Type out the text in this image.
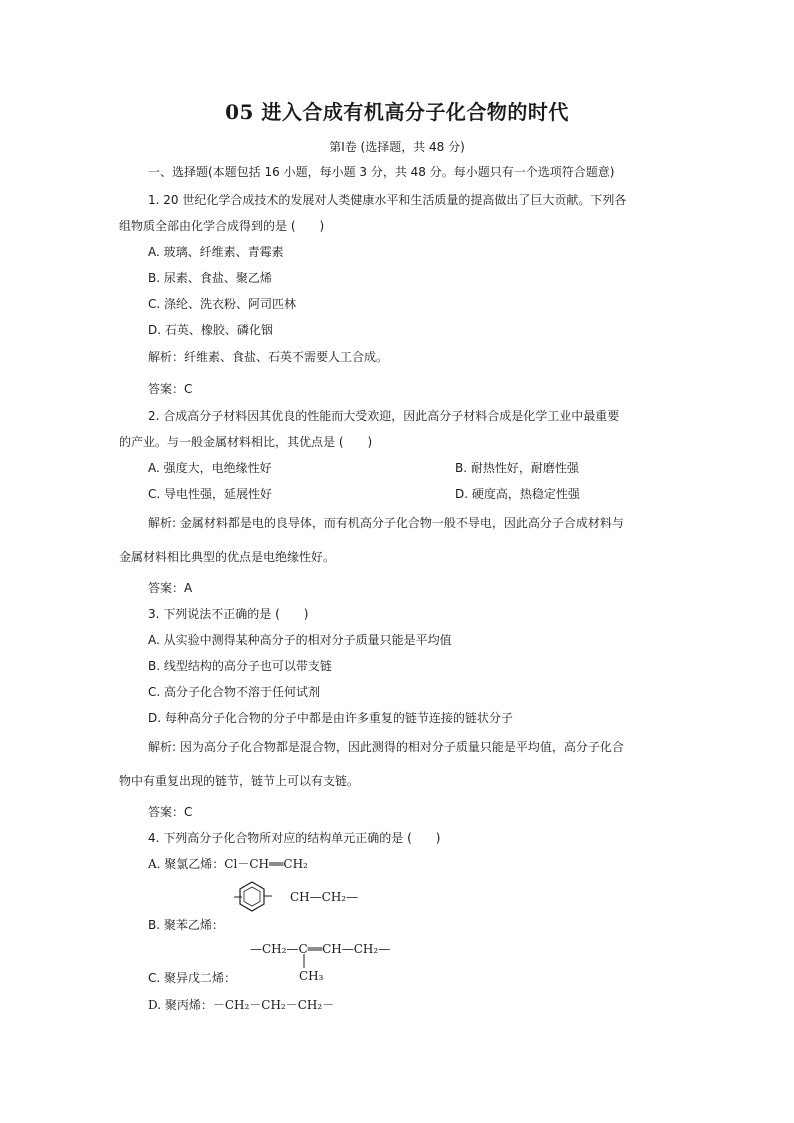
05 进入合成有机高分子化合物的时代
第Ⅰ卷 (选择题，共 48 分)
一、选择题(本题包括 16 小题，每小题 3 分，共 48 分。每小题只有一个选项符合题意)
1. 20 世纪化学合成技术的发展对人类健康水平和生活质量的提高做出了巨大贡献。下列各
组物质全部由化学合成得到的是 (　　)
A. 玻璃、纤维素、青霉素
B. 尿素、食盐、聚乙烯
C. 涤纶、洗衣粉、阿司匹林
D. 石英、橡胶、磷化铟
解析：纤维素、食盐、石英不需要人工合成。
答案：C
2. 合成高分子材料因其优良的性能而大受欢迎，因此高分子材料合成是化学工业中最重要
的产业。与一般金属材料相比，其优点是 (　　)
A. 强度大，电绝缘性好	B. 耐热性好，耐磨性强
C. 导电性强，延展性好	D. 硬度高，热稳定性强
解析: 金属材料都是电的良导体，而有机高分子化合物一般不导电，因此高分子合成材料与
金属材料相比典型的优点是电绝缘性好。
答案：A
3. 下列说法不正确的是 (　　)
A. 从实验中测得某种高分子的相对分子质量只能是平均值
B. 线型结构的高分子也可以带支链
C. 高分子化合物不溶于任何试剂
D. 每种高分子化合物的分子中都是由许多重复的链节连接的链状分子
解析: 因为高分子化合物都是混合物，因此测得的相对分子质量只能是平均值，高分子化合
物中有重复出现的链节，链节上可以有支链。
答案：C
4. 下列高分子化合物所对应的结构单元正确的是 (　　)
A. 聚氯乙烯：Cl－CH══CH₂
B. 聚苯乙烯：
CH—CH₂—
—CH₂—C══CH—CH₂—
CH₃
C. 聚异戊二烯：
D. 聚丙烯：－CH₂－CH₂－CH₂－
